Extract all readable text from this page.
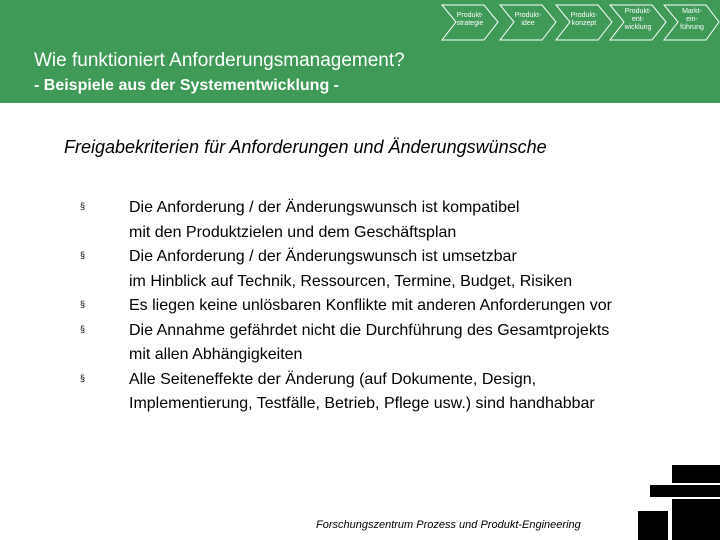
Produkt-
strategie
Produkt-
idee
Produkt-
konzept
Produkt-
ent-
wicklung
Markt-
ein-
führung
Wie funktioniert Anforderungsmanagement?
- Beispiele aus der Systementwicklung -
Freigabekriterien für Anforderungen und Änderungswünsche
§	Die Anforderung / der Änderungswunsch ist kompatibel
mit den Produktzielen und dem Geschäftsplan
§	Die Anforderung / der Änderungswunsch ist umsetzbar
im Hinblick auf Technik, Ressourcen, Termine, Budget, Risiken
§	Es liegen keine unlösbaren Konflikte mit anderen Anforderungen vor
§	Die Annahme gefährdet nicht die Durchführung des Gesamtprojekts
mit allen Abhängigkeiten
§	Alle Seiteneffekte der Änderung (auf Dokumente, Design,
Implementierung, Testfälle, Betrieb, Pflege usw.) sind handhabbar
Forschungszentrum Prozess und Produkt-Engineering
